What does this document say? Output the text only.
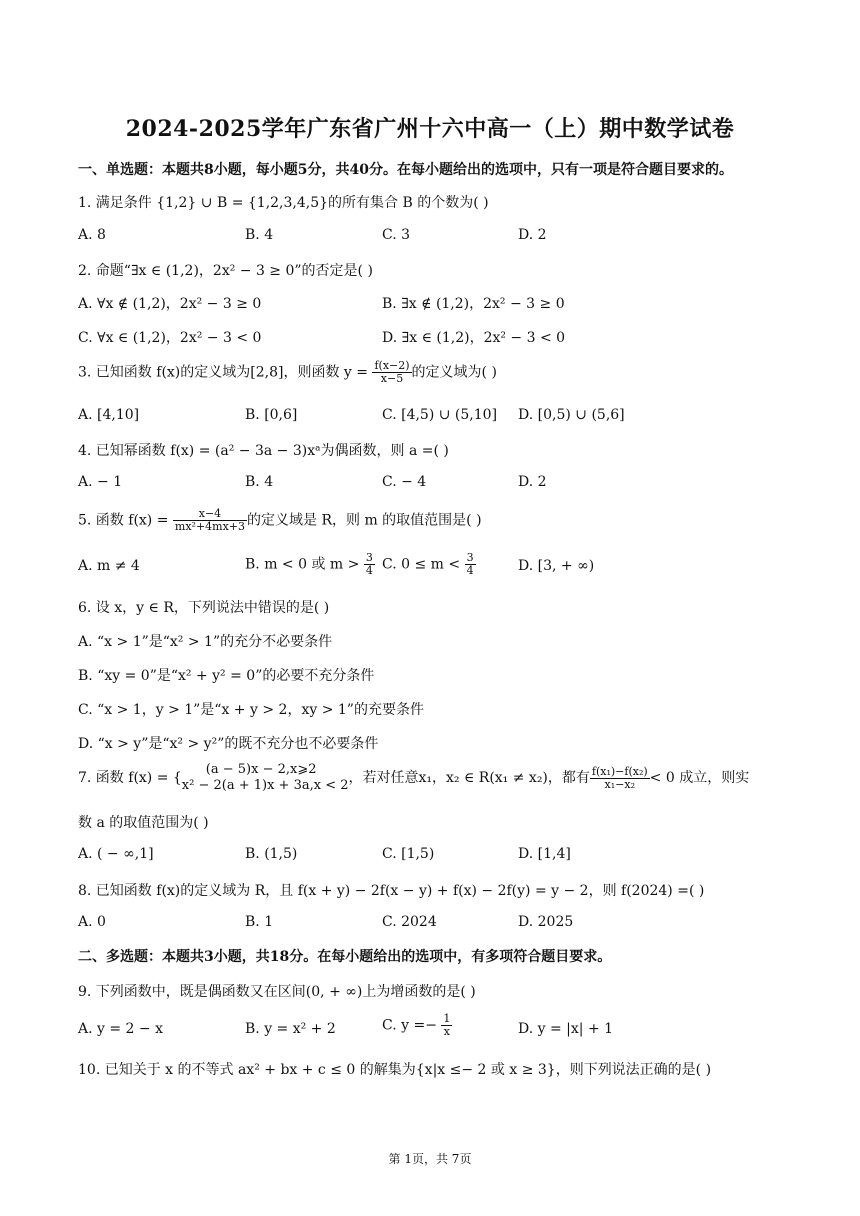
2024-2025学年广东省广州十六中高一（上）期中数学试卷
一、单选题：本题共8小题，每小题5分，共40分。在每小题给出的选项中，只有一项是符合题目要求的。
1. 满足条件 {1,2} ∪ B = {1,2,3,4,5}的所有集合 B 的个数为( )
A. 8	B. 4	C. 3	D. 2
2. 命题“∃x ∈ (1,2)，2x² − 3 ≥ 0”的否定是( )
A. ∀x ∉ (1,2)，2x² − 3 ≥ 0	B. ∃x ∉ (1,2)，2x² − 3 ≥ 0
C. ∀x ∈ (1,2)，2x² − 3 < 0	D. ∃x ∈ (1,2)，2x² − 3 < 0
3. 已知函数 f(x)的定义域为[2,8]，则函数 $y = \frac{f(x-2)}{x-5}$ 的定义域为( )
A. [4,10]	B. [0,6]	C. [4,5) ∪ (5,10] D. [0,5) ∪ (5,6]
4. 已知幂函数 f(x) = (a² − 3a − 3)xᵃ为偶函数，则 a =( )
A. − 1	B. 4	C. − 4	D. 2
5. 函数 $f(x) = \frac{x-4}{\text{mx²+4mx+3}}$ 的定义域是 R，则 m 的取值范围是( )
A. m ≠ 4	B. m < 0 或 $m > \frac{3}{4} C$. $0 \le m < \frac{3}{4}$	D. [3, + ∞)
6. 设 x，y ∈ R，下列说法中错误的是( )
A. “x > 1”是“x² > 1”的充分不必要条件
B. “xy = 0”是“x² + y² = 0”的必要不充分条件
C. “x > 1，y > 1”是“x + y > 2，xy > 1”的充要条件
D. “x > y”是“x² > y²”的既不充分也不必要条件
7. 函数 f(x) = {
(a − 5)x − 2,x⩾2
x² − 2(a + 1)x + 3a,x < 2 ，若对任意x₁，x₂ ∈ R(x₁ ≠ x₂)，都有 $\frac{\text{f(x₁)−f(x₂)}}{\text{x₁−x₂}} < 0$ 成立，则实
数 a 的取值范围为( )
A. ( − ∞,1]	B. (1,5)	C. [1,5)	D. [1,4]
8. 已知函数 f(x)的定义域为 R，且 f(x + y) − 2f(x − y) + f(x) − 2f(y) = y − 2，则 f(2024) =( )
A. 0	B. 1	C. 2024	D. 2025
二、多选题：本题共3小题，共18分。在每小题给出的选项中，有多项符合题目要求。
9. 下列函数中，既是偶函数又在区间(0, + ∞)上为增函数的是( )
A. y = 2 − x	B. y = x² + 2	C. $y =- \frac{1}{x}$	D. y = |x| + 1
10. 已知关于 x 的不等式 ax² + bx + c ≤ 0 的解集为{x|x ≤− 2 或 x ≥ 3}，则下列说法正确的是( )
第 1页，共 7页
